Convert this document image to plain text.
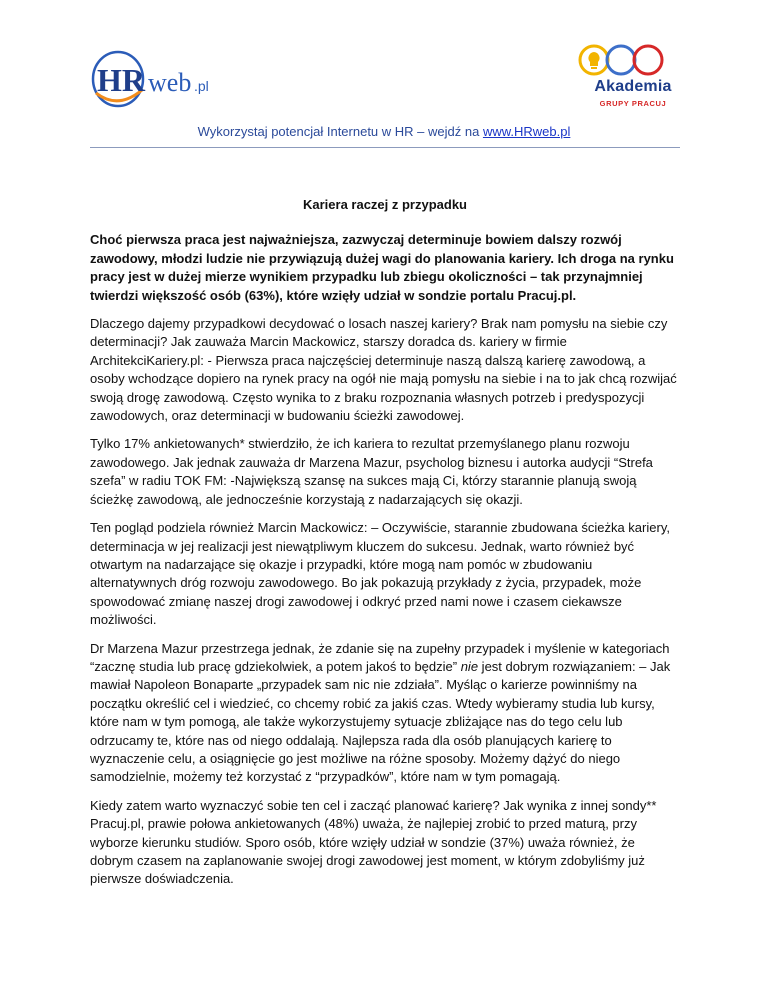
HR web .pl	Akademia
GRUPY PRACUJ
Wykorzystaj potencjał Internetu w HR – wejdź na www.HRweb.pl
Kariera raczej z przypadku

Choć pierwsza praca jest najważniejsza, zazwyczaj determinuje bowiem dalszy rozwój zawodowy, młodzi ludzie nie przywiązują dużej wagi do planowania kariery. Ich droga na rynku pracy jest w dużej mierze wynikiem przypadku lub zbiegu okoliczności – tak przynajmniej twierdzi większość osób (63%), które wzięły udział w sondzie portalu Pracuj.pl.

Dlaczego dajemy przypadkowi decydować o losach naszej kariery? Brak nam pomysłu na siebie czy determinacji? Jak zauważa Marcin Mackowicz, starszy doradca ds. kariery w firmie ArchitekciKariery.pl: - Pierwsza praca najczęściej determinuje naszą dalszą karierę zawodową, a osoby wchodzące dopiero na rynek pracy na ogół nie mają pomysłu na siebie i na to jak chcą rozwijać swoją drogę zawodową. Często wynika to z braku rozpoznania własnych potrzeb i predyspozycji zawodowych, oraz determinacji w budowaniu ścieżki zawodowej.

Tylko 17% ankietowanych* stwierdziło, że ich kariera to rezultat przemyślanego planu rozwoju zawodowego. Jak jednak zauważa dr Marzena Mazur, psycholog biznesu i autorka audycji “Strefa szefa” w radiu TOK FM: -Największą szansę na sukces mają Ci, którzy starannie planują swoją ścieżkę zawodową, ale jednocześnie korzystają z nadarzających się okazji.

Ten pogląd podziela również Marcin Mackowicz: – Oczywiście, starannie zbudowana ścieżka kariery, determinacja w jej realizacji jest niewątpliwym kluczem do sukcesu. Jednak, warto również być otwartym na nadarzające się okazje i przypadki, które mogą nam pomóc w zbudowaniu alternatywnych dróg rozwoju zawodowego. Bo jak pokazują przykłady z życia, przypadek, może spowodować zmianę naszej drogi zawodowej i odkryć przed nami nowe i czasem ciekawsze możliwości.

Dr Marzena Mazur przestrzega jednak, że zdanie się na zupełny przypadek i myślenie w kategoriach “zacznę studia lub pracę gdziekolwiek, a potem jakoś to będzie” nie jest dobrym rozwiązaniem: – Jak mawiał Napoleon Bonaparte „przypadek sam nic nie zdziała”. Myśląc o karierze powinniśmy na początku określić cel i wiedzieć, co chcemy robić za jakiś czas. Wtedy wybieramy studia lub kursy, które nam w tym pomogą, ale także wykorzystujemy sytuacje zbliżające nas do tego celu lub odrzucamy te, które nas od niego oddalają. Najlepsza rada dla osób planujących karierę to wyznaczenie celu, a osiągnięcie go jest możliwe na różne sposoby. Możemy dążyć do niego samodzielnie, możemy też korzystać z “przypadków”, które nam w tym pomagają.

Kiedy zatem warto wyznaczyć sobie ten cel i zacząć planować karierę? Jak wynika z innej sondy** Pracuj.pl, prawie połowa ankietowanych (48%) uważa, że najlepiej zrobić to przed maturą, przy wyborze kierunku studiów. Sporo osób, które wzięły udział w sondzie (37%) uważa również, że dobrym czasem na zaplanowanie swojej drogi zawodowej jest moment, w którym zdobyliśmy już pierwsze doświadczenia.
